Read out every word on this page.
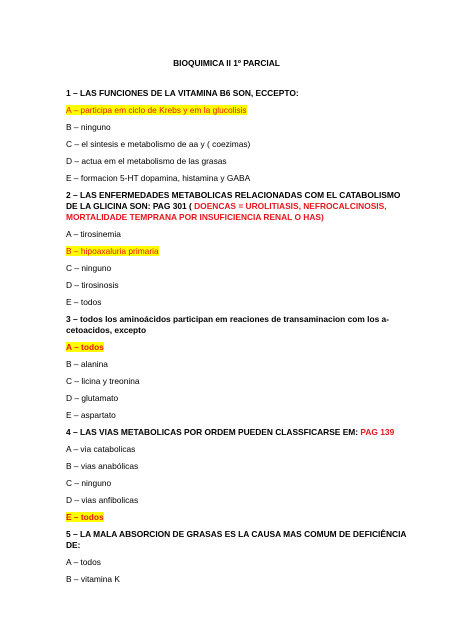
BIOQUIMICA II 1º PARCIAL
1 – LAS FUNCIONES DE LA VITAMINA B6 SON, ECCEPTO:
A – participa em ciclo de Krebs y em la glucolisis
B – ninguno
C – el sintesis e metabolismo de aa y ( coezimas)
D – actua em el metabolismo de las grasas
E – formacion 5-HT dopamina, histamina y GABA
2 – LAS ENFERMEDADES METABOLICAS RELACIONADAS COM EL CATABOLISMO DE LA GLICINA SON: PAG 301 ( DOENCAS = UROLITIASIS, NEFROCALCINOSIS, MORTALIDADE TEMPRANA POR INSUFICIENCIA RENAL O HAS)
A – tirosinemia
B – hipoaxaluria primaria
C – ninguno
D – tirosinosis
E – todos
3 – todos los aminoácidos participan em reaciones de transaminacion com los a-cetoacidos, excepto
A – todos
B – alanina
C – licina y treonina
D – glutamato
E – aspartato
4 – LAS VIAS METABOLICAS POR ORDEM PUEDEN CLASSFICARSE EM: PAG 139
A – via catabolicas
B – vias anabólicas
C – ninguno
D – vias anfibolicas
E – todos
5 – LA MALA ABSORCION DE GRASAS ES LA CAUSA MAS COMUM DE DEFICIÊNCIA DE:
A – todos
B – vitamina K
